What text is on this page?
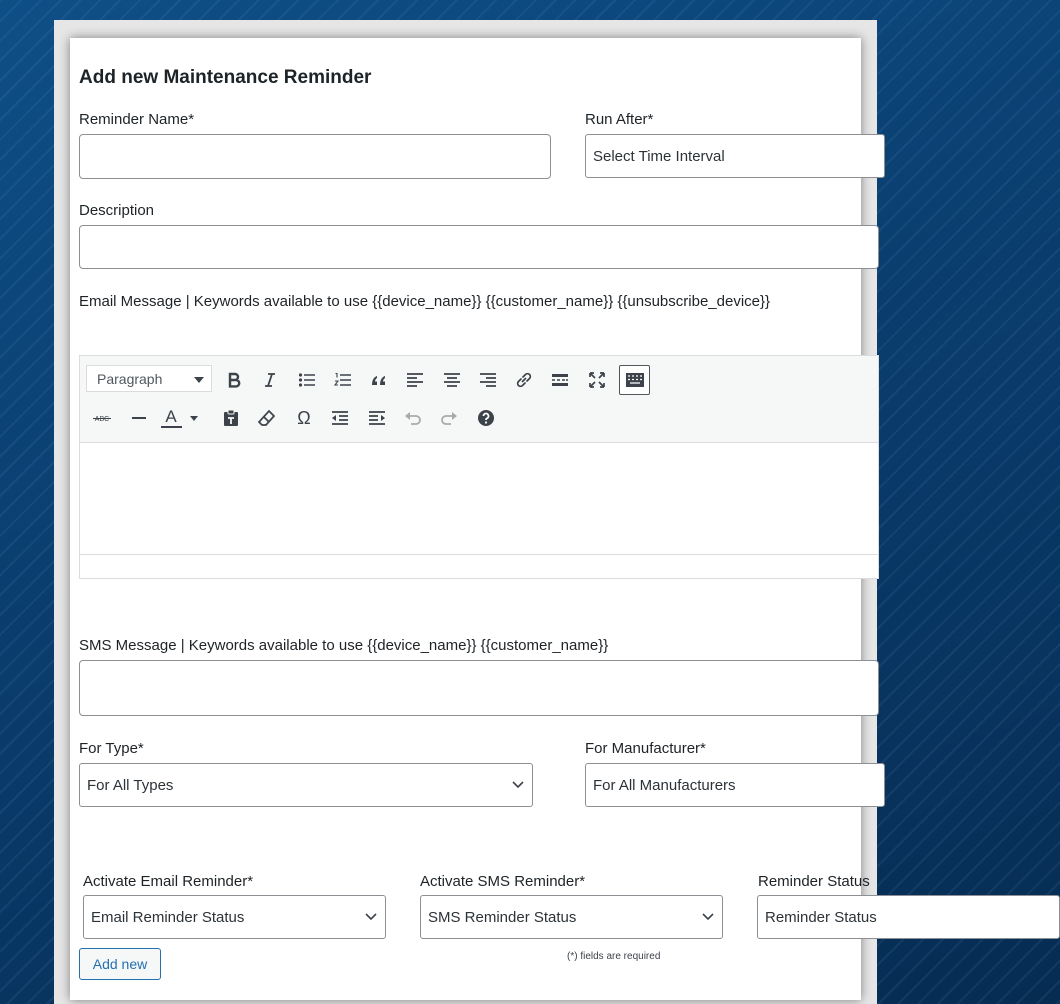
Add new Maintenance Reminder
Reminder Name*	Run After*
Select Time Interval
Description
Email Message | Keywords available to use {{device_name}} {{customer_name}} {{unsubscribe_device}}
Paragraph
ABC	A	Ω
SMS Message | Keywords available to use {{device_name}} {{customer_name}}
For Type*
For All Types
For Manufacturer*
For All Manufacturers
Activate Email Reminder*
Email Reminder Status
Activate SMS Reminder*
SMS Reminder Status
Reminder Status
Reminder Status
Add new	(*) fields are required
